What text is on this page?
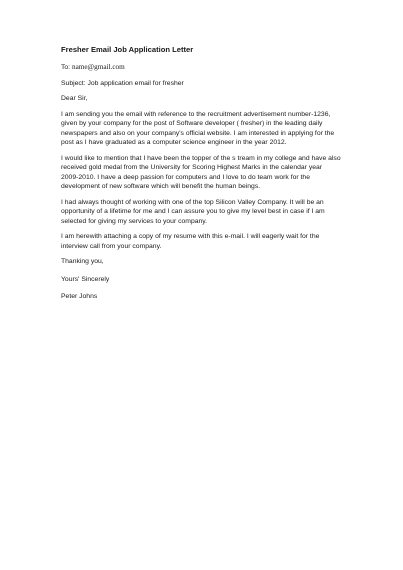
Fresher Email Job Application Letter
To: name@gmail.com
Subject: Job application email for fresher
Dear Sir,
I am sending you the email with reference to the recruitment advertisement number-1236,
given by your company for the post of Software developer ( fresher) in the leading daily
newspapers and also on your company's official website. I am interested in applying for the
post as I have graduated as a computer science engineer in the year 2012.
I would like to mention that I have been the topper of the s tream in my college and have also
received gold medal from the University for Scoring Highest Marks in the calendar year
2009-2010. I have a deep passion for computers and I love to do team work for the
development of new software which will benefit the human beings.
I had always thought of working with one of the top Silicon Valley Company. It will be an
opportunity of a lifetime for me and I can assure you to give my level best in case if I am
selected for giving my services to your company.
I am herewith attaching a copy of my resume with this e-mail. I will eagerly wait for the
interview call from your company.
Thanking you,
Yours' Sincerely
Peter Johns
